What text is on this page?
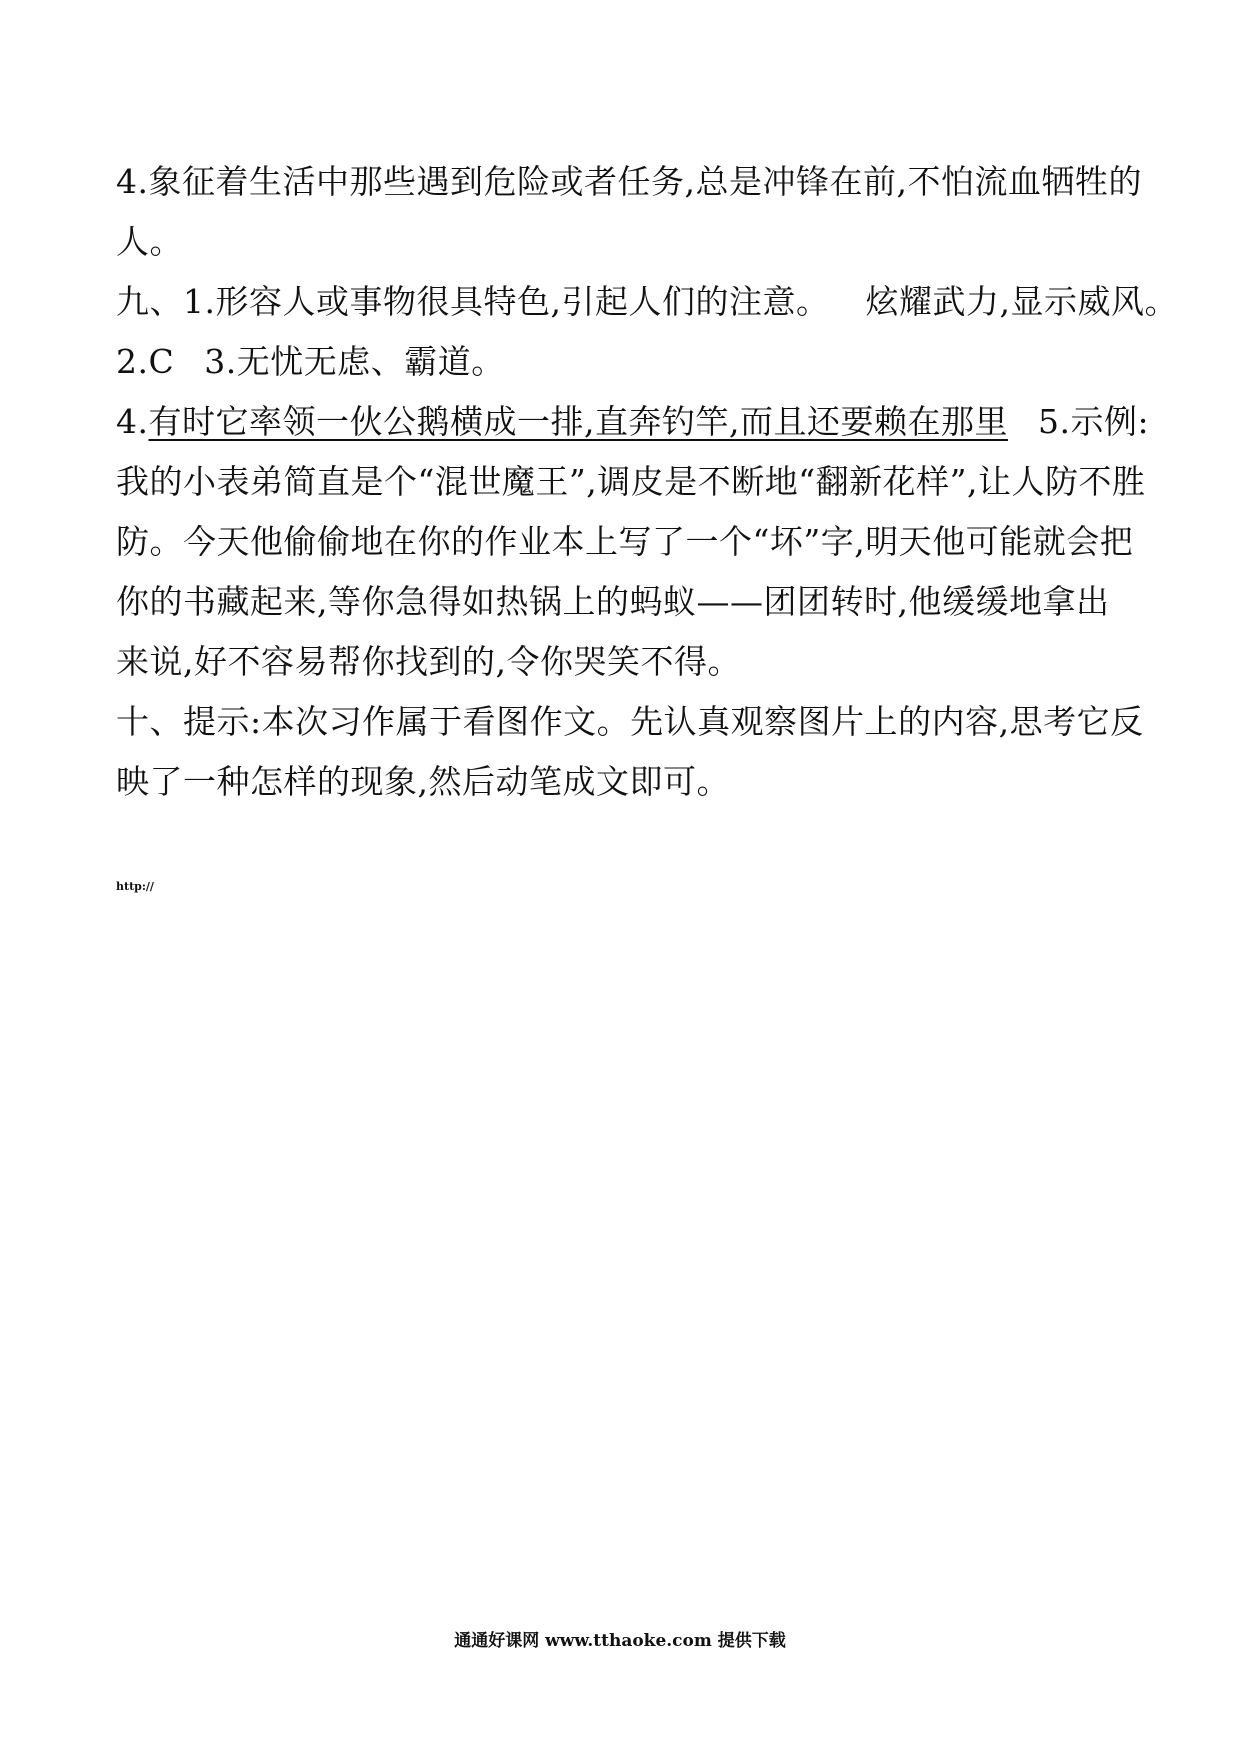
4.象征着生活中那些遇到危险或者任务,总是冲锋在前,不怕流血牺牲的
人。
九、1.形容人或事物很具特色,引起人们的注意。 炫耀武力,显示威风。
2.C 3.无忧无虑、霸道。
4.有时它率领一伙公鹅横成一排,直奔钓竿,而且还要赖在那里 5.示例:
我的小表弟简直是个“混世魔王”,调皮是不断地“翻新花样”,让人防不胜
防。今天他偷偷地在你的作业本上写了一个“坏”字,明天他可能就会把
你的书藏起来,等你急得如热锅上的蚂蚁——团团转时,他缓缓地拿出
来说,好不容易帮你找到的,令你哭笑不得。
十、提示:本次习作属于看图作文。先认真观察图片上的内容,思考它反
映了一种怎样的现象,然后动笔成文即可。
http://
通通好课网 www.tthaoke.com 提供下载
